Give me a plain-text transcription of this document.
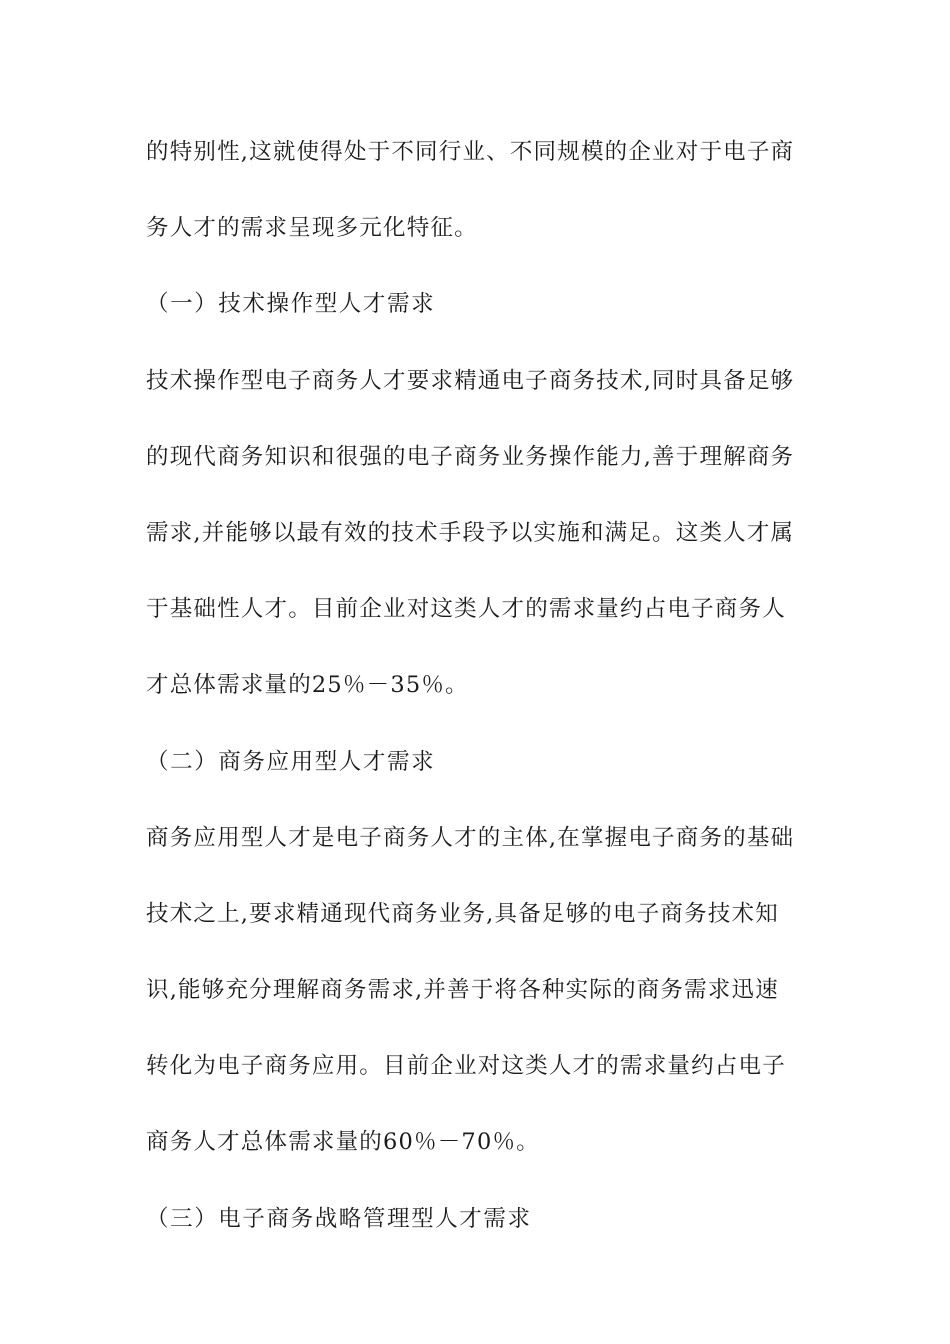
的特别性,这就使得处于不同行业、不同规模的企业对于电子商
务人才的需求呈现多元化特征。
（一）技术操作型人才需求
技术操作型电子商务人才要求精通电子商务技术,同时具备足够
的现代商务知识和很强的电子商务业务操作能力,善于理解商务
需求,并能够以最有效的技术手段予以实施和满足。这类人才属
于基础性人才。目前企业对这类人才的需求量约占电子商务人
才总体需求量的25％－35％。
（二）商务应用型人才需求
商务应用型人才是电子商务人才的主体,在掌握电子商务的基础
技术之上,要求精通现代商务业务,具备足够的电子商务技术知
识,能够充分理解商务需求,并善于将各种实际的商务需求迅速
转化为电子商务应用。目前企业对这类人才的需求量约占电子
商务人才总体需求量的60％－70％。
（三）电子商务战略管理型人才需求
